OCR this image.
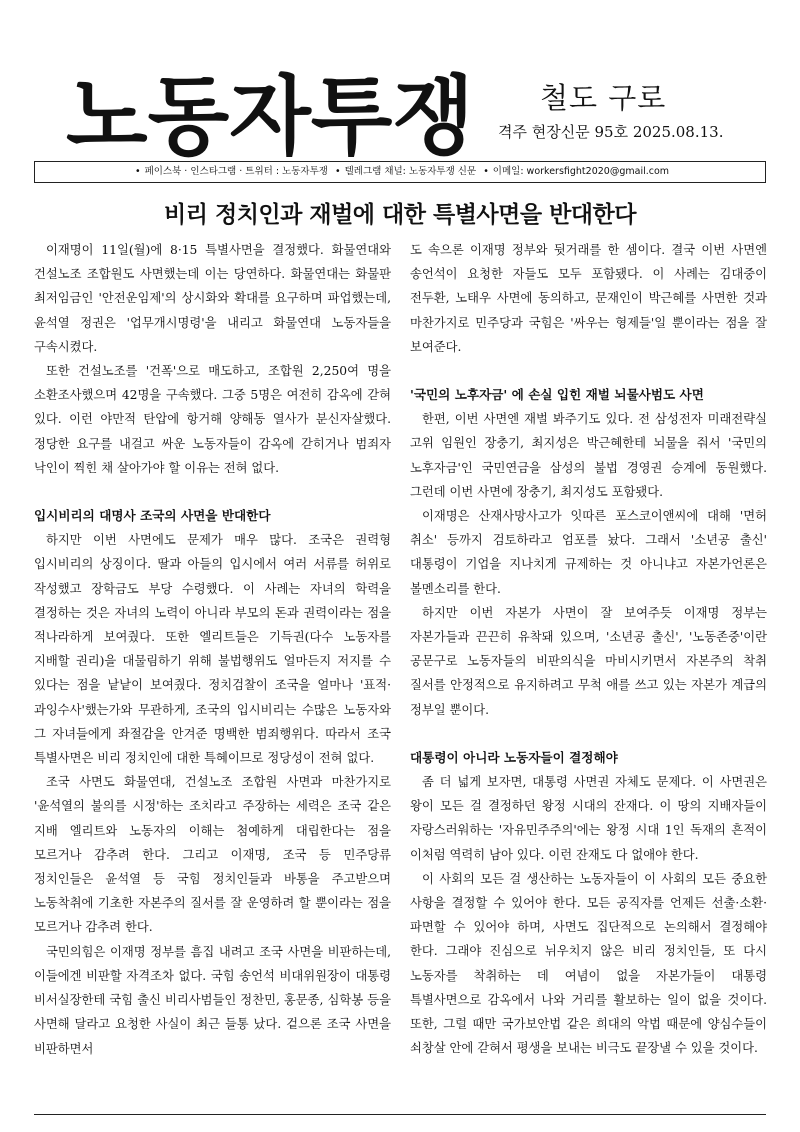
노동자투쟁 철도 구로
격주 현장신문 95호 2025.08.13.
• 페이스북 · 인스타그램 · 트위터 : 노동자투쟁 • 텔레그램 채널: 노동자투쟁 신문 • 이메일: workersfight2020@gmail.com
비리 정치인과 재벌에 대한 특별사면을 반대한다

이재명이 11일(월)에 8·15 특별사면을 결정했다. 화물연대와 건설노조 조합원도 사면했는데 이는 당연하다. 화물연대는 화물판 최저임금인 '안전운임제'의 상시화와 확대를 요구하며 파업했는데, 윤석열 정권은 '업무개시명령'을 내리고 화물연대 노동자들을 구속시켰다.

또한 건설노조를 '건폭'으로 매도하고, 조합원 2,250여 명을 소환조사했으며 42명을 구속했다. 그중 5명은 여전히 감옥에 갇혀 있다. 이런 야만적 탄압에 항거해 양해동 열사가 분신자살했다. 정당한 요구를 내걸고 싸운 노동자들이 감옥에 갇히거나 범죄자 낙인이 찍힌 채 살아가야 할 이유는 전혀 없다.

입시비리의 대명사 조국의 사면을 반대한다

하지만 이번 사면에도 문제가 매우 많다. 조국은 권력형 입시비리의 상징이다. 딸과 아들의 입시에서 여러 서류를 허위로 작성했고 장학금도 부당 수령했다. 이 사례는 자녀의 학력을 결정하는 것은 자녀의 노력이 아니라 부모의 돈과 권력이라는 점을 적나라하게 보여줬다. 또한 엘리트들은 기득권(다수 노동자를 지배할 권리)을 대물림하기 위해 불법행위도 얼마든지 저지를 수 있다는 점을 낱낱이 보여줬다. 정치검찰이 조국을 얼마나 '표적·과잉수사'했는가와 무관하게, 조국의 입시비리는 수많은 노동자와 그 자녀들에게 좌절감을 안겨준 명백한 범죄행위다. 따라서 조국 특별사면은 비리 정치인에 대한 특혜이므로 정당성이 전혀 없다.

조국 사면도 화물연대, 건설노조 조합원 사면과 마찬가지로 '윤석열의 불의를 시정'하는 조치라고 주장하는 세력은 조국 같은 지배 엘리트와 노동자의 이해는 첨예하게 대립한다는 점을 모르거나 감추려 한다. 그리고 이재명, 조국 등 민주당류 정치인들은 윤석열 등 국힘 정치인들과 바통을 주고받으며 노동착취에 기초한 자본주의 질서를 잘 운영하려 할 뿐이라는 점을 모르거나 감추려 한다.

국민의힘은 이재명 정부를 흠집 내려고 조국 사면을 비판하는데, 이들에겐 비판할 자격조차 없다. 국힘 송언석 비대위원장이 대통령 비서실장한테 국힘 출신 비리사범들인 정찬민, 홍문종, 심학봉 등을 사면해 달라고 요청한 사실이 최근 들통 났다. 겉으론 조국 사면을 비판하면서

도 속으론 이재명 정부와 뒷거래를 한 셈이다. 결국 이번 사면엔 송언석이 요청한 자들도 모두 포함됐다. 이 사례는 김대중이 전두환, 노태우 사면에 동의하고, 문재인이 박근혜를 사면한 것과 마찬가지로 민주당과 국힘은 '싸우는 형제들'일 뿐이라는 점을 잘 보여준다.

'국민의 노후자금' 에 손실 입힌 재벌 뇌물사범도 사면

한편, 이번 사면엔 재벌 봐주기도 있다. 전 삼성전자 미래전략실 고위 임원인 장충기, 최지성은 박근혜한테 뇌물을 줘서 '국민의 노후자금'인 국민연금을 삼성의 불법 경영권 승계에 동원했다. 그런데 이번 사면에 장충기, 최지성도 포함됐다.

이재명은 산재사망사고가 잇따른 포스코이앤씨에 대해 '면허 취소' 등까지 검토하라고 엄포를 놨다. 그래서 '소년공 출신' 대통령이 기업을 지나치게 규제하는 것 아니냐고 자본가언론은 볼멘소리를 한다.

하지만 이번 자본가 사면이 잘 보여주듯 이재명 정부는 자본가들과 끈끈히 유착돼 있으며, '소년공 출신', '노동존중'이란 공문구로 노동자들의 비판의식을 마비시키면서 자본주의 착취 질서를 안정적으로 유지하려고 무척 애를 쓰고 있는 자본가 계급의 정부일 뿐이다.

대통령이 아니라 노동자들이 결정해야

좀 더 넓게 보자면, 대통령 사면권 자체도 문제다. 이 사면권은 왕이 모든 걸 결정하던 왕정 시대의 잔재다. 이 땅의 지배자들이 자랑스러워하는 '자유민주주의'에는 왕정 시대 1인 독재의 흔적이 이처럼 역력히 남아 있다. 이런 잔재도 다 없애야 한다.

이 사회의 모든 걸 생산하는 노동자들이 이 사회의 모든 중요한 사항을 결정할 수 있어야 한다. 모든 공직자를 언제든 선출·소환·파면할 수 있어야 하며, 사면도 집단적으로 논의해서 결정해야 한다. 그래야 진심으로 뉘우치지 않은 비리 정치인들, 또 다시 노동자를 착취하는 데 여념이 없을 자본가들이 대통령 특별사면으로 감옥에서 나와 거리를 활보하는 일이 없을 것이다. 또한, 그럴 때만 국가보안법 같은 희대의 악법 때문에 양심수들이 쇠창살 안에 갇혀서 평생을 보내는 비극도 끝장낼 수 있을 것이다.
